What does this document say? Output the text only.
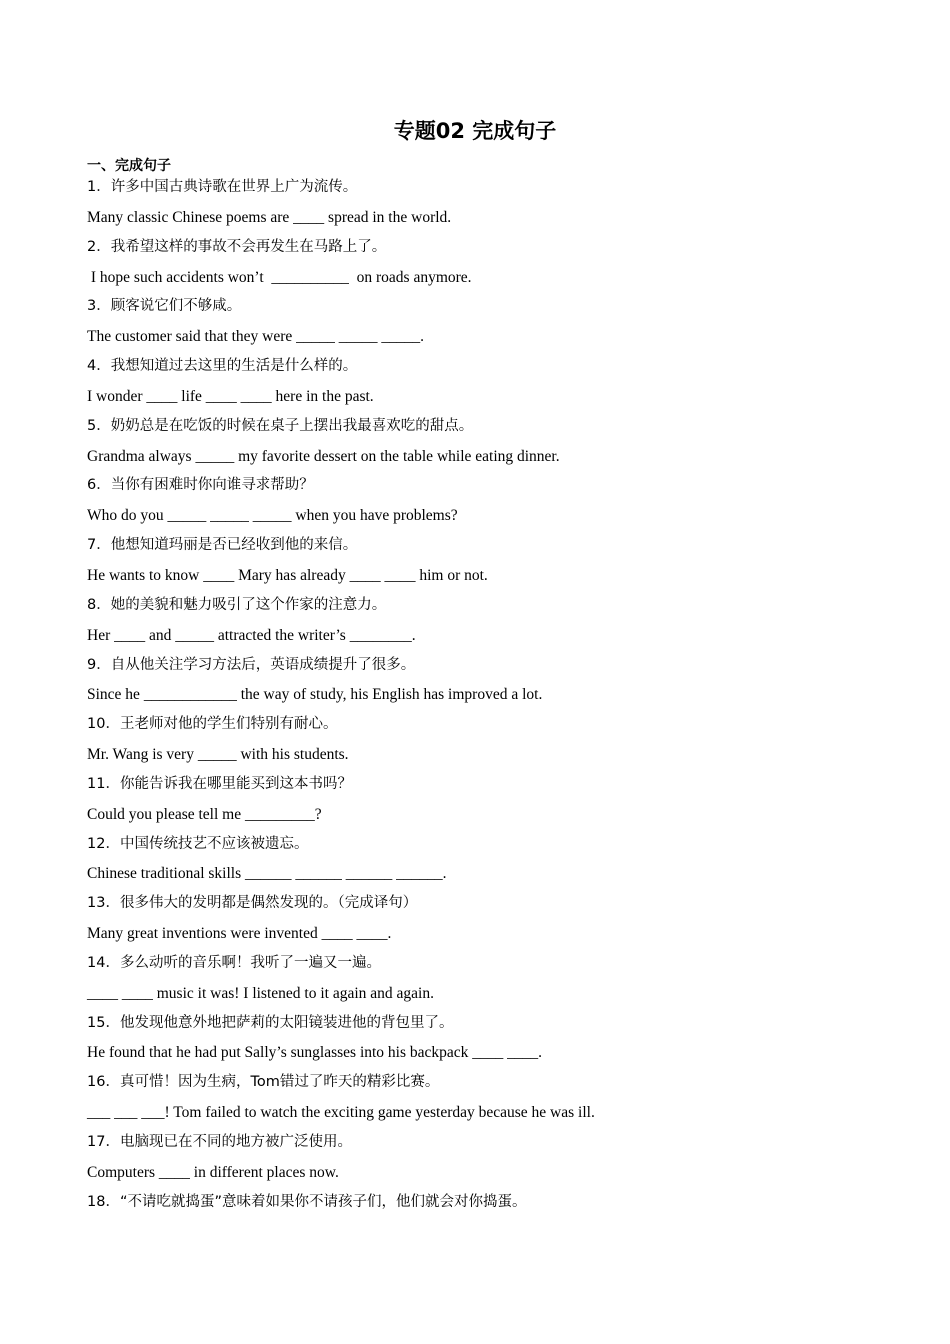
专题02 完成句子
一、完成句子
1．许多中国古典诗歌在世界上广为流传。
Many classic Chinese poems are ____ spread in the world.
2．我希望这样的事故不会再发生在马路上了。
I hope such accidents won’t  __________  on roads anymore.
3．顾客说它们不够咸。
The customer said that they were _____ _____ _____.
4．我想知道过去这里的生活是什么样的。
I wonder ____ life ____ ____ here in the past.
5．奶奶总是在吃饭的时候在桌子上摆出我最喜欢吃的甜点。
Grandma always _____ my favorite dessert on the table while eating dinner.
6．当你有困难时你向谁寻求帮助？
Who do you _____ _____ _____ when you have problems?
7．他想知道玛丽是否已经收到他的来信。
He wants to know ____ Mary has already ____ ____ him or not.
8．她的美貌和魅力吸引了这个作家的注意力。
Her ____ and _____ attracted the writer’s ________.
9．自从他关注学习方法后，英语成绩提升了很多。
Since he ____________ the way of study, his English has improved a lot.
10．王老师对他的学生们特别有耐心。
Mr. Wang is very _____ with his students.
11．你能告诉我在哪里能买到这本书吗？
Could you please tell me _________?
12．中国传统技艺不应该被遗忘。
Chinese traditional skills ______ ______ ______ ______.
13．很多伟大的发明都是偶然发现的。（完成译句）
Many great inventions were invented ____ ____.
14．多么动听的音乐啊！我听了一遍又一遍。
____ ____ music it was! I listened to it again and again.
15．他发现他意外地把萨莉的太阳镜装进他的背包里了。
He found that he had put Sally’s sunglasses into his backpack ____ ____.
16．真可惜！因为生病，Tom错过了昨天的精彩比赛。
___ ___ ___! Tom failed to watch the exciting game yesterday because he was ill.
17．电脑现已在不同的地方被广泛使用。
Computers ____ in different places now.
18．“不请吃就捣蛋”意味着如果你不请孩子们，他们就会对你捣蛋。
